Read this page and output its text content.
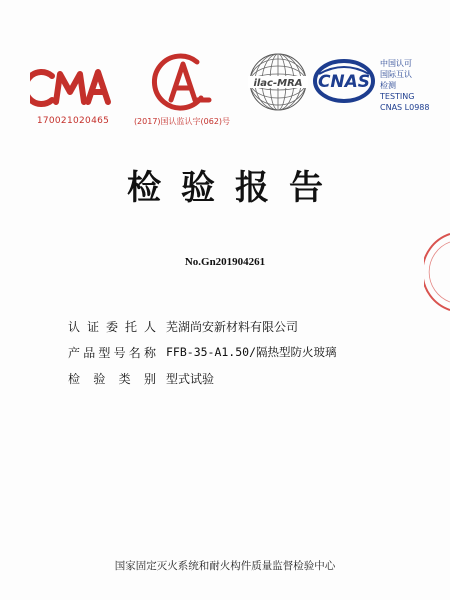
170021020465	(2017)国认监认字(062)号
ilac-MRA CNAS
中国认可
国际互认
检测
TESTING
CNAS L0988
检验报告
No.Gn201904261
认证委托人 芜湖尚安新材料有限公司
产品型号名称 FFB-35-A1.50/隔热型防火玻璃
检验类别 型式试验
国家固定灭火系统和耐火构件质量监督检验中心
